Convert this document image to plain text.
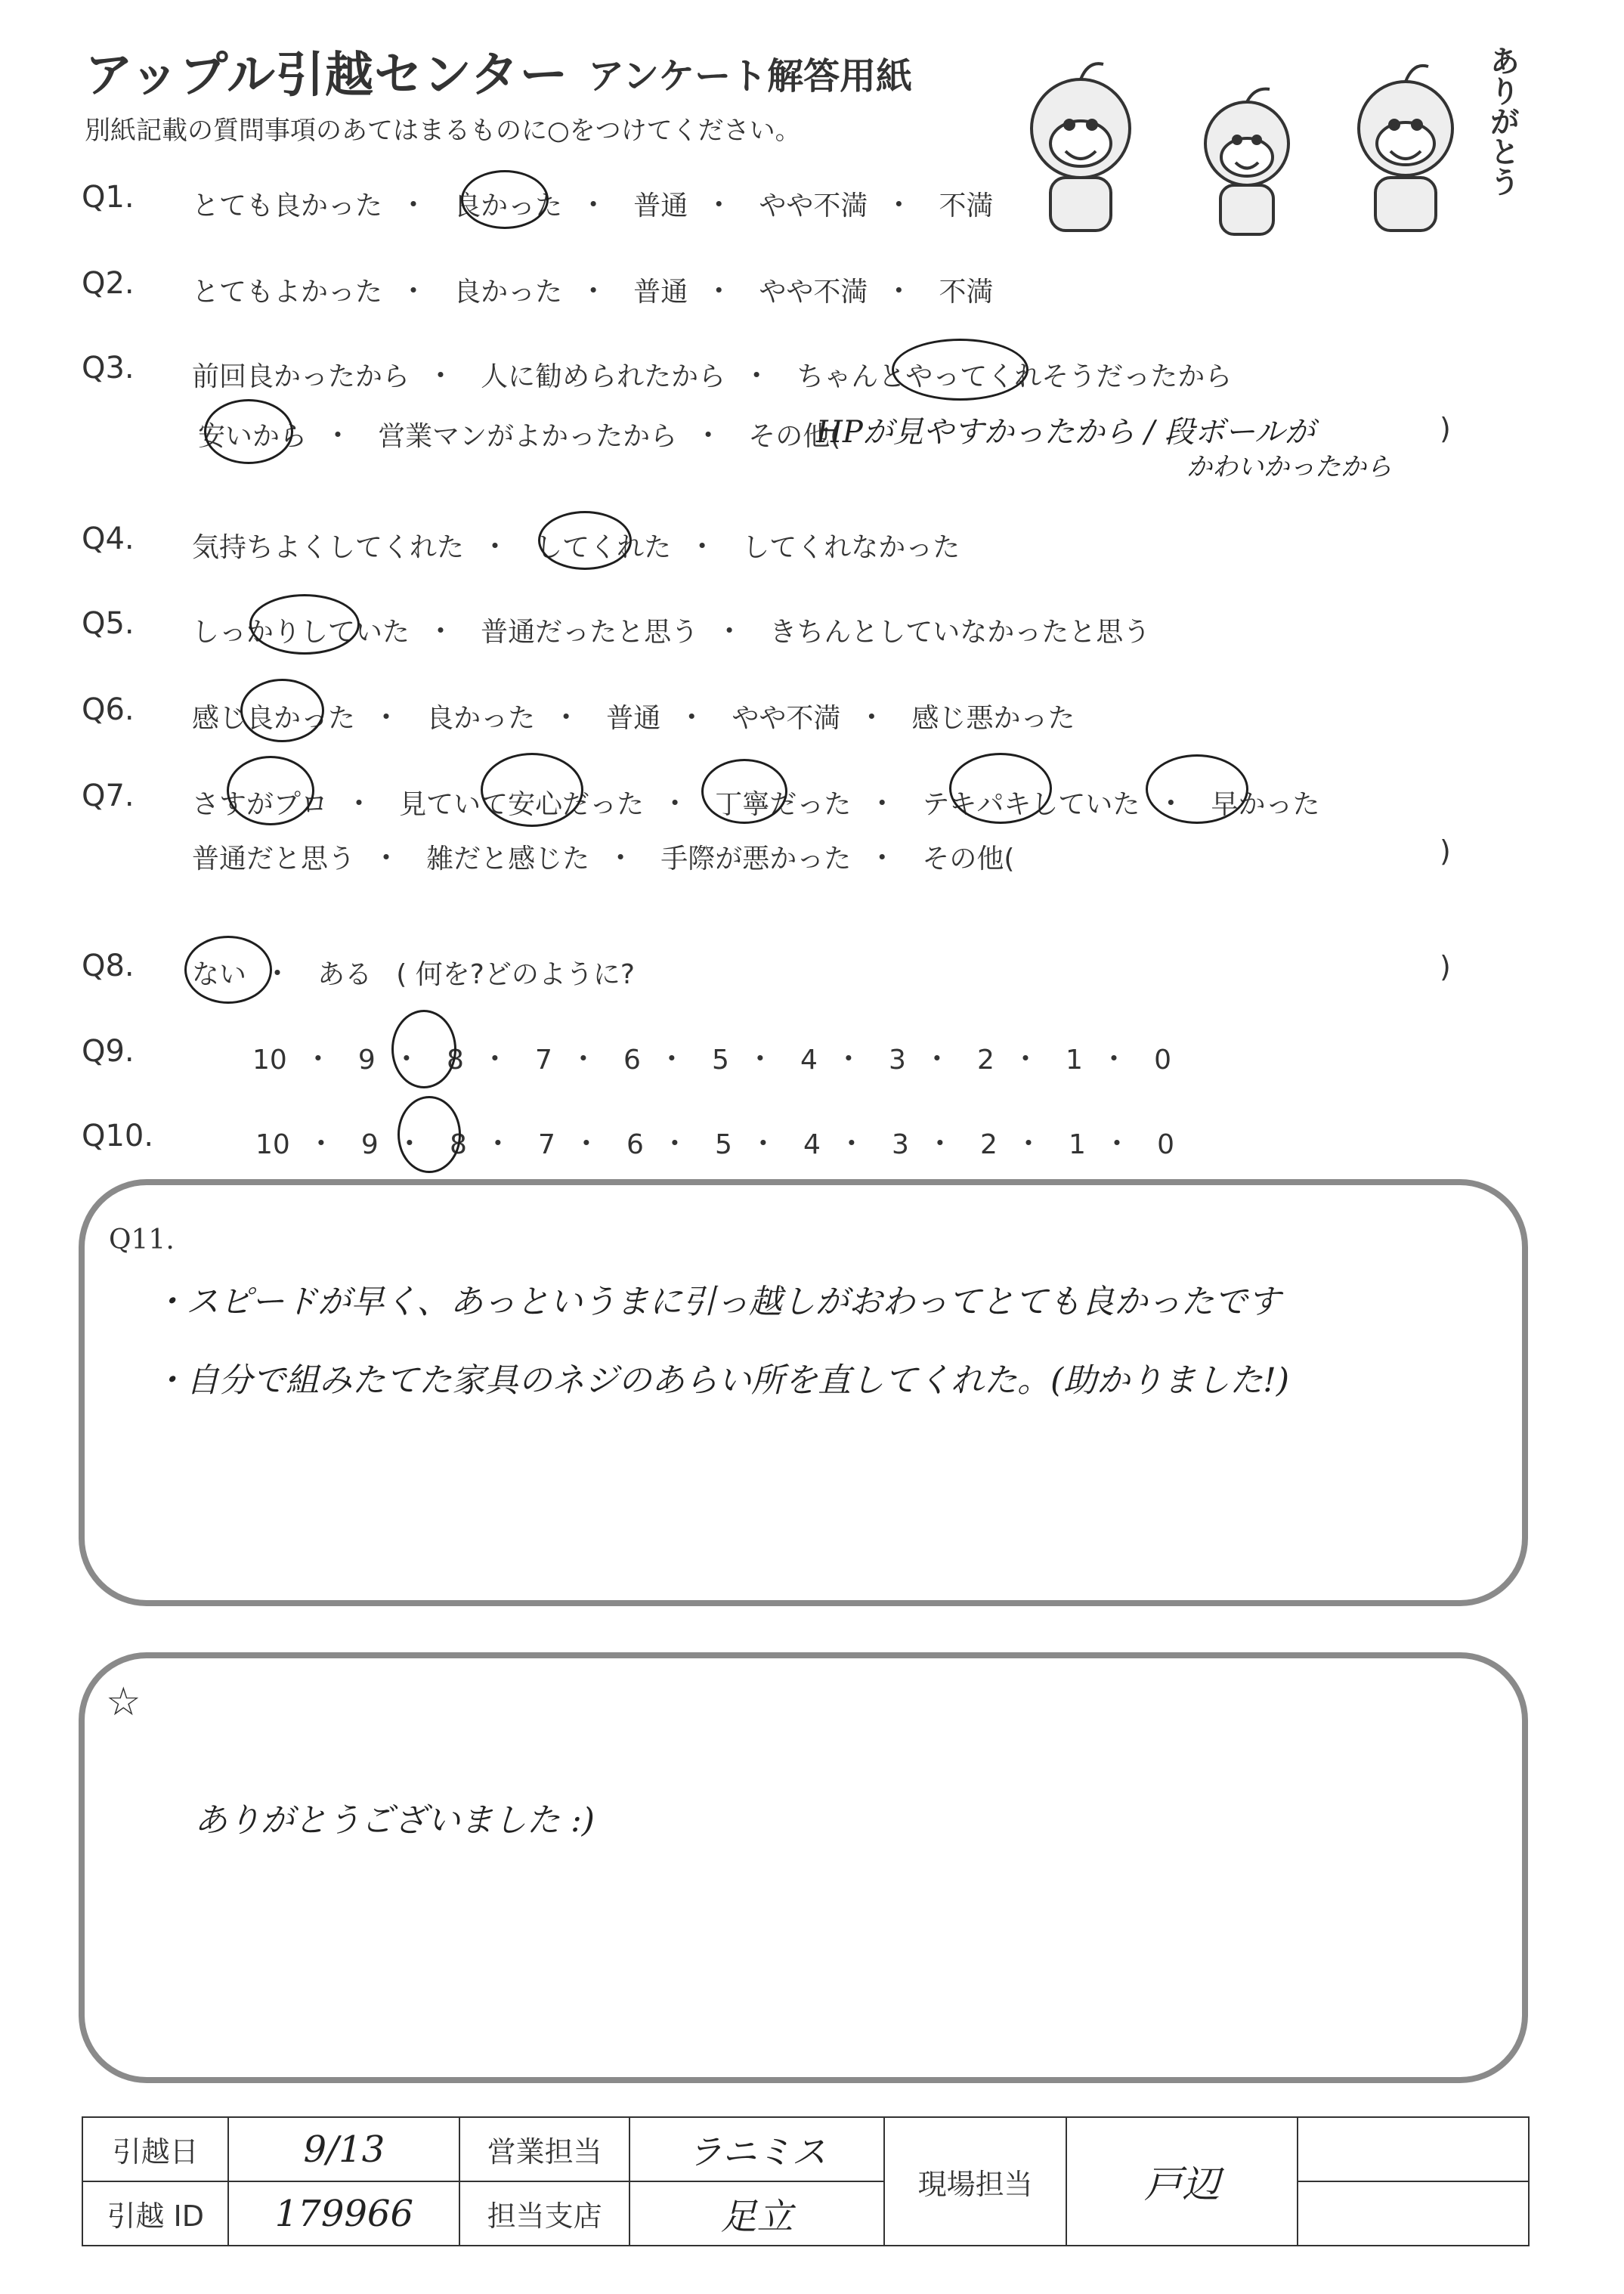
アップル引越センター アンケート解答用紙
別紙記載の質問事項のあてはまるものに○をつけてください。	ありがとう
Q1. とても良かった ・ 良かった ・ 普通 ・ やや不満 ・ 不満
Q2. とてもよかった ・ 良かった ・ 普通 ・ やや不満 ・ 不満
Q3. 前回良かったから ・ 人に勧められたから ・ ちゃんとやってくれそうだったから
安いから ・ 営業マンがよかったから ・ その他(
HPが見やすかったから / 段ボールが
かわいかったから
)
Q4. 気持ちよくしてくれた ・ してくれた ・ してくれなかった
Q5. しっかりしていた ・ 普通だったと思う ・ きちんとしていなかったと思う
Q6. 感じ良かった ・ 良かった ・ 普通 ・ やや不満 ・ 感じ悪かった
Q7. さすがプロ ・ 見ていて安心だった ・ 丁寧だった ・ テキパキしていた ・ 早かった
普通だと思う ・ 雑だと感じた ・ 手際が悪かった ・ その他(	)
Q8. ない ・ ある ( 何を?どのように?	)
Q9.	10 ・ 9 ・ 8 ・ 7 ・ 6 ・ 5 ・ 4 ・ 3 ・ 2 ・ 1 ・ 0
Q10.	10 ・ 9 ・ 8 ・ 7 ・ 6 ・ 5 ・ 4 ・ 3 ・ 2 ・ 1 ・ 0
Q11.
・スピードが早く、あっというまに引っ越しがおわってとても良かったです
・自分で組みたてた家具のネジのあらい所を直してくれた。(助かりました!)
☆
ありがとうございました :)
引越日	9/13	営業担当	ラニミス	現場担当	戸辺	
引越 ID	179966	担当支店	足立			
